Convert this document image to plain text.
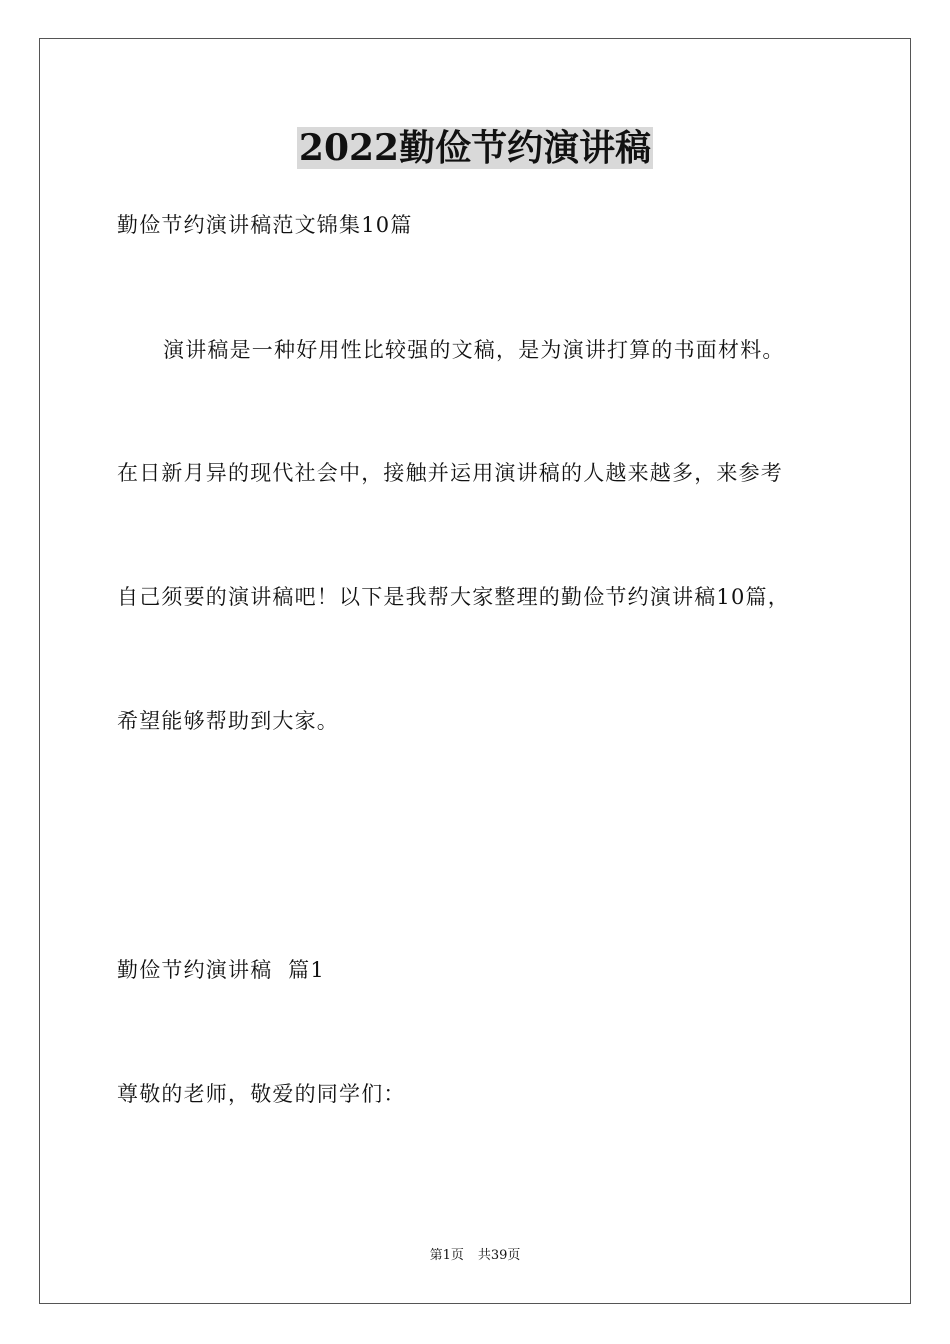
2022勤俭节约演讲稿
勤俭节约演讲稿范文锦集10篇
演讲稿是一种好用性比较强的文稿，是为演讲打算的书面材料。
在日新月异的现代社会中，接触并运用演讲稿的人越来越多，来参考
自己须要的演讲稿吧！以下是我帮大家整理的勤俭节约演讲稿10篇，
希望能够帮助到大家。
勤俭节约演讲稿  篇1
尊敬的老师，敬爱的同学们：
第1页 共39页
